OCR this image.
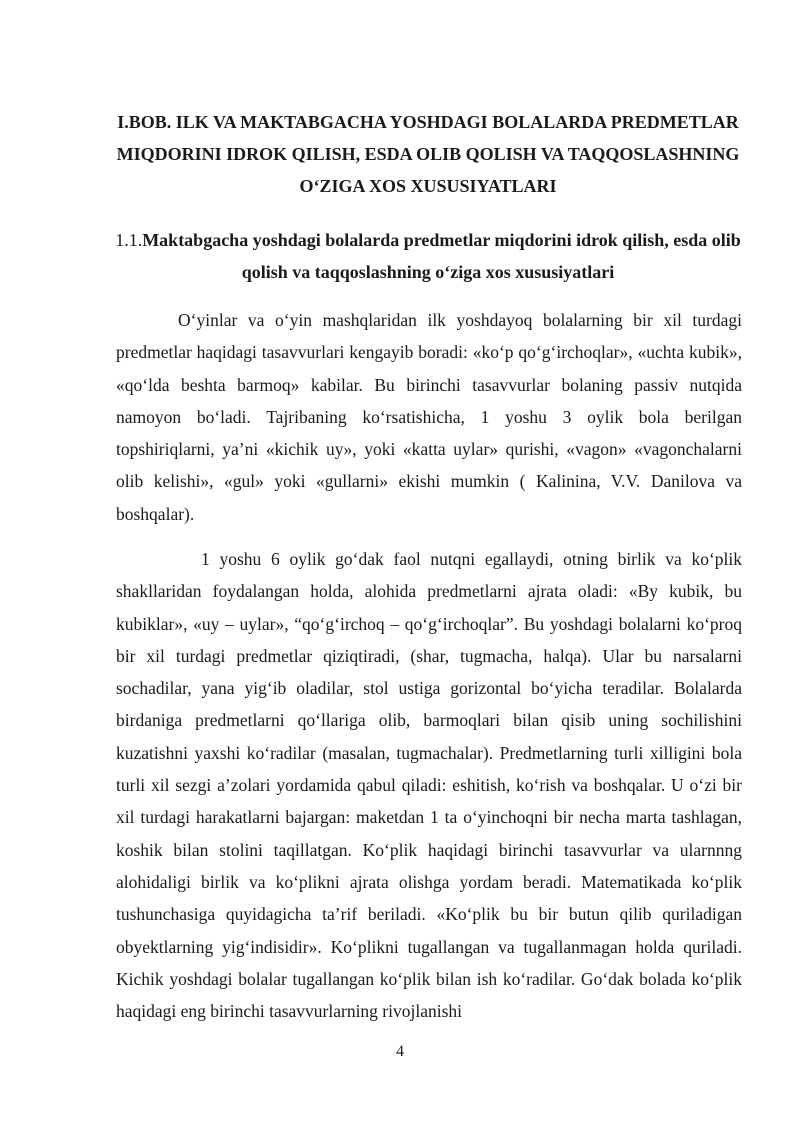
I.BOB. ILK VA MAKTABGACHA YOSHDAGI BOLALARDA PREDMETLAR MIQDORINI IDROK QILISH, ESDA OLIB QOLISH VA TAQQOSLASHNING O‘ZIGA XOS XUSUSIYATLARI
1.1.Maktabgacha yoshdagi bolalarda predmetlar miqdorini idrok qilish, esda olib qolish va taqqoslashning o‘ziga xos xususiyatlari

O‘yinlar va o‘yin mashqlaridan ilk yoshdayoq bolalarning bir xil turdagi predmetlar haqidagi tasavvurlari kengayib boradi: «ko‘p qo‘g‘irchoqlar», «uchta kubik», «qo‘lda beshta barmoq» kabilar. Bu birinchi tasavvurlar bolaning passiv nutqida namoyon bo‘ladi. Tajribaning ko‘rsatishicha, 1 yoshu 3 oylik bola berilgan topshiriqlarni, ya’ni «kichik uy», yoki «katta uylar» qurishi, «vagon» «vagonchalarni olib kelishi», «gul» yoki «gullarni» ekishi mumkin ( Kalinina, V.V. Danilova va boshqalar).

1 yoshu 6 oylik go‘dak faol nutqni egallaydi, otning birlik va ko‘plik shakllaridan foydalangan holda, alohida predmetlarni ajrata oladi: «By kubik, bu kubiklar», «uy – uylar», “qo‘g‘irchoq – qo‘g‘irchoqlar”. Bu yoshdagi bolalarni ko‘proq bir xil turdagi predmetlar qiziqtiradi, (shar, tugmacha, halqa). Ular bu narsalarni sochadilar, yana yig‘ib oladilar, stol ustiga gorizontal bo‘yicha teradilar. Bolalarda birdaniga predmetlarni qo‘llariga olib, barmoqlari bilan qisib uning sochilishini kuzatishni yaxshi ko‘radilar (masalan, tugmachalar). Predmetlarning turli xilligini bola turli xil sezgi a’zolari yordamida qabul qiladi: eshitish, ko‘rish va boshqalar. U o‘zi bir xil turdagi harakatlarni bajargan: maketdan 1 ta o‘yinchoqni bir necha marta tashlagan, koshik bilan stolini taqillatgan. Ko‘plik haqidagi birinchi tasavvurlar va ularnnng alohidaligi birlik va ko‘plikni ajrata olishga yordam beradi. Matematikada ko‘plik tushunchasiga quyidagicha ta’rif beriladi. «Ko‘plik bu bir butun qilib quriladigan obyektlarning yig‘indisidir». Ko‘plikni tugallangan va tugallanmagan holda quriladi. Kichik yoshdagi bolalar tugallangan ko‘plik bilan ish ko‘radilar. Go‘dak bolada ko‘plik haqidagi eng birinchi tasavvurlarning rivojlanishi

4
